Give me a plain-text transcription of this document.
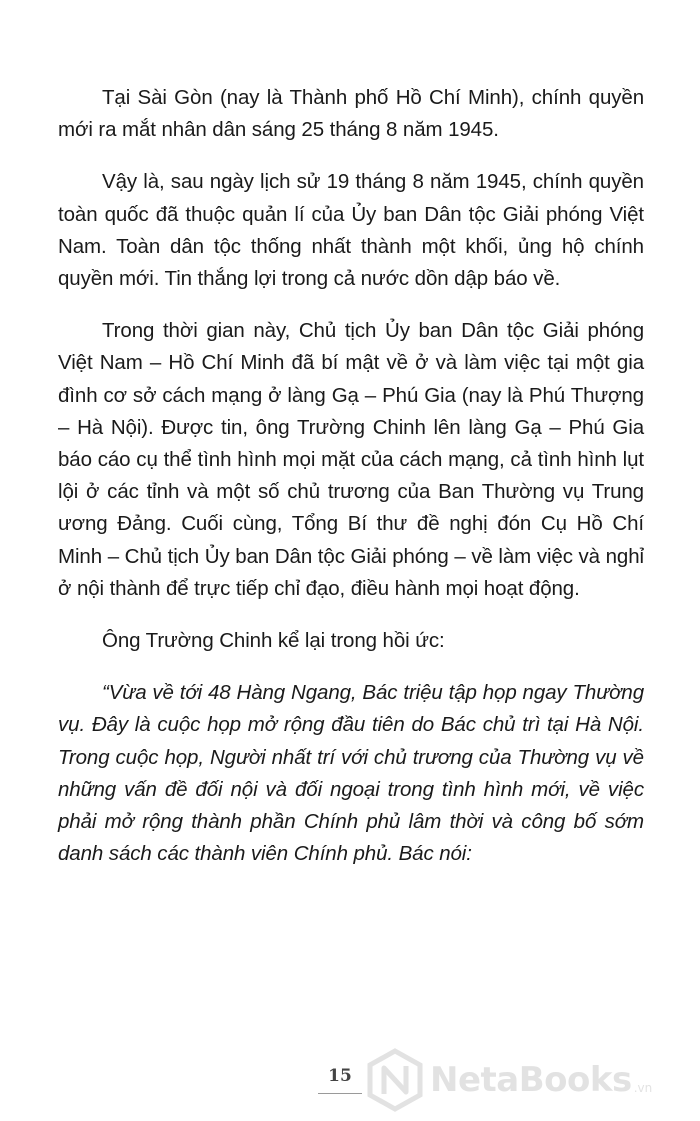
Tại Sài Gòn (nay là Thành phố Hồ Chí Minh), chính quyền mới ra mắt nhân dân sáng 25 tháng 8 năm 1945.

Vậy là, sau ngày lịch sử 19 tháng 8 năm 1945, chính quyền toàn quốc đã thuộc quản lí của Ủy ban Dân tộc Giải phóng Việt Nam. Toàn dân tộc thống nhất thành một khối, ủng hộ chính quyền mới. Tin thắng lợi trong cả nước dồn dập báo về.

Trong thời gian này, Chủ tịch Ủy ban Dân tộc Giải phóng Việt Nam – Hồ Chí Minh đã bí mật về ở và làm việc tại một gia đình cơ sở cách mạng ở làng Gạ – Phú Gia (nay là Phú Thượng – Hà Nội). Được tin, ông Trường Chinh lên làng Gạ – Phú Gia báo cáo cụ thể tình hình mọi mặt của cách mạng, cả tình hình lụt lội ở các tỉnh và một số chủ trương của Ban Thường vụ Trung ương Đảng. Cuối cùng, Tổng Bí thư đề nghị đón Cụ Hồ Chí Minh – Chủ tịch Ủy ban Dân tộc Giải phóng – về làm việc và nghỉ ở nội thành để trực tiếp chỉ đạo, điều hành mọi hoạt động.

Ông Trường Chinh kể lại trong hồi ức:

“Vừa về tới 48 Hàng Ngang, Bác triệu tập họp ngay Thường vụ. Đây là cuộc họp mở rộng đầu tiên do Bác chủ trì tại Hà Nội. Trong cuộc họp, Người nhất trí với chủ trương của Thường vụ về những vấn đề đối nội và đối ngoại trong tình hình mới, về việc phải mở rộng thành phần Chính phủ lâm thời và công bố sớm danh sách các thành viên Chính phủ. Bác nói:

15 NetaBooks .vn
